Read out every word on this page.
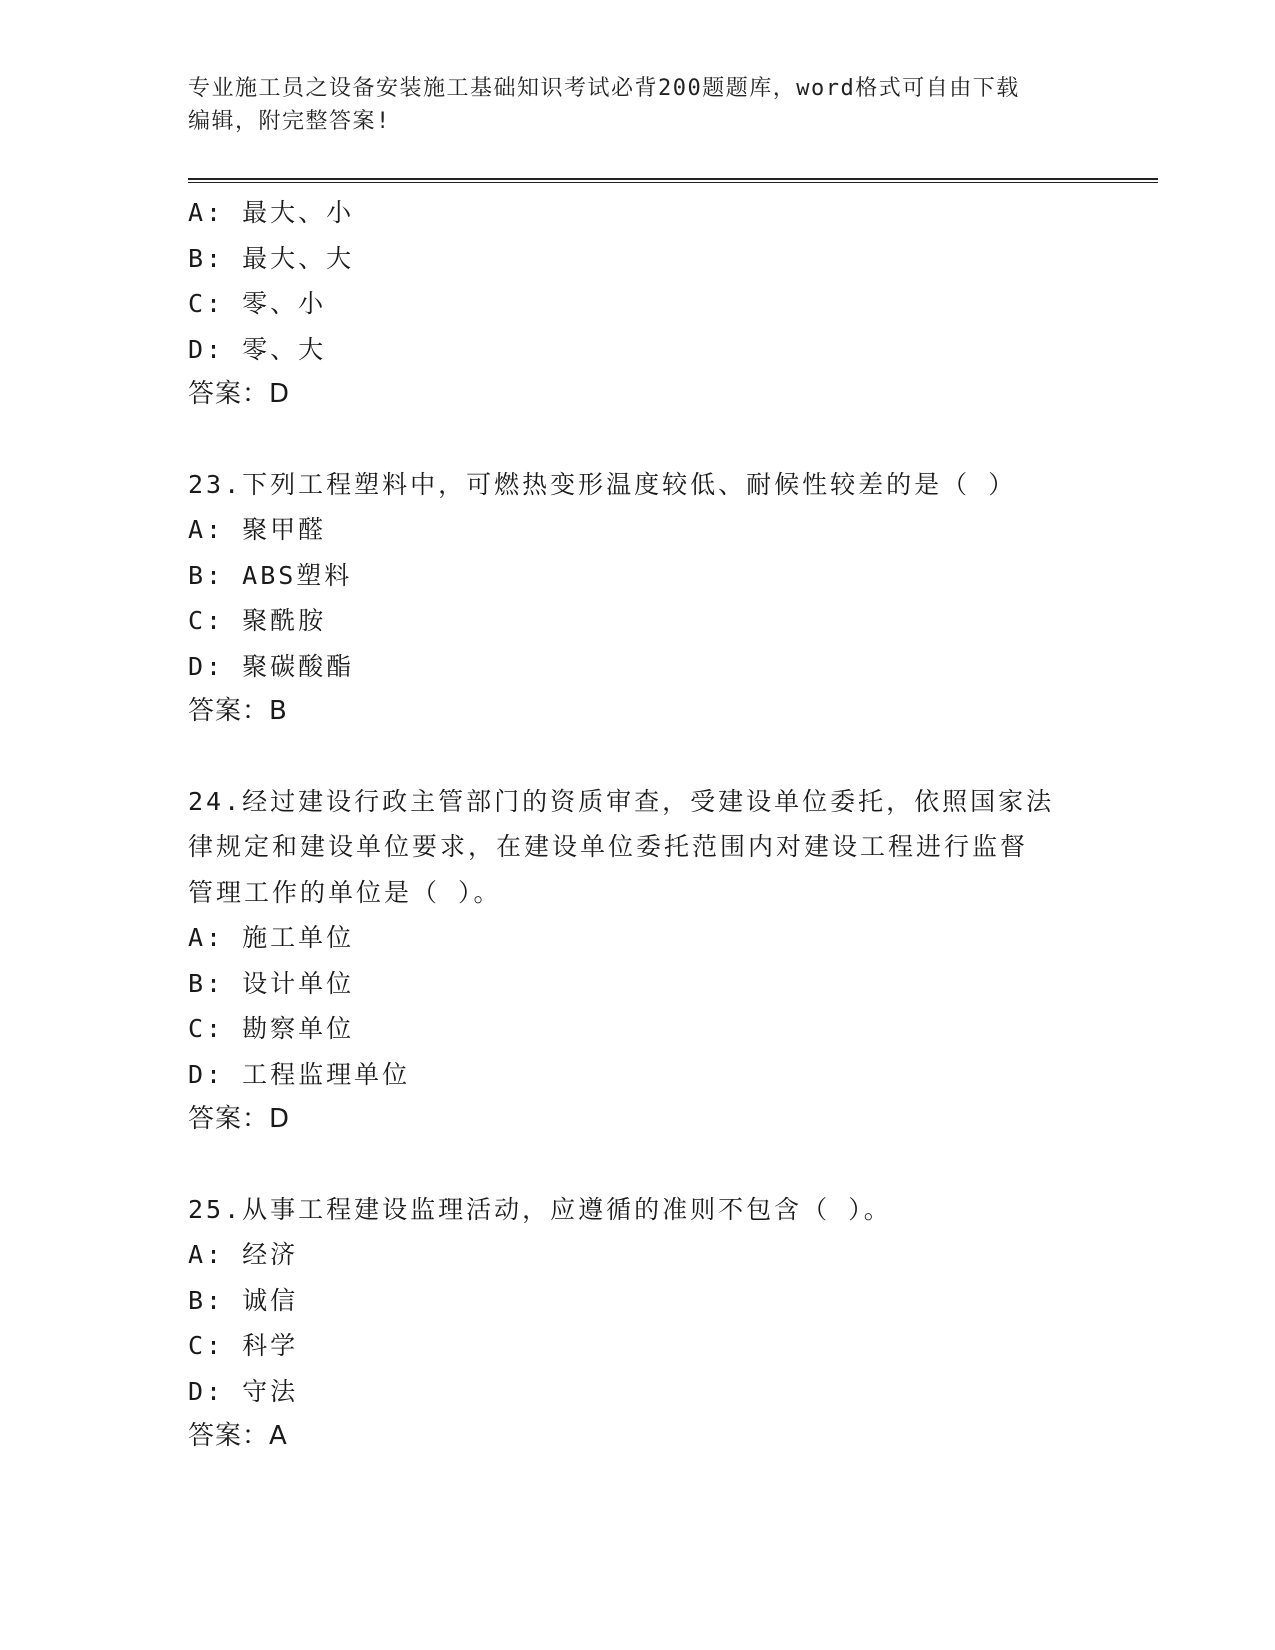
专业施工员之设备安装施工基础知识考试必背200题题库，word格式可自由下载
编辑，附完整答案!
A: 最大、小
B: 最大、大
C: 零、小
D: 零、大
答案：D
23.下列工程塑料中，可燃热变形温度较低、耐候性较差的是（ ）
A: 聚甲醛
B: ABS塑料
C: 聚酰胺
D: 聚碳酸酯
答案：B
24.经过建设行政主管部门的资质审查，受建设单位委托，依照国家法
律规定和建设单位要求，在建设单位委托范围内对建设工程进行监督
管理工作的单位是（ ）。
A: 施工单位
B: 设计单位
C: 勘察单位
D: 工程监理单位
答案：D
25.从事工程建设监理活动，应遵循的准则不包含（ ）。
A: 经济
B: 诚信
C: 科学
D: 守法
答案：A
